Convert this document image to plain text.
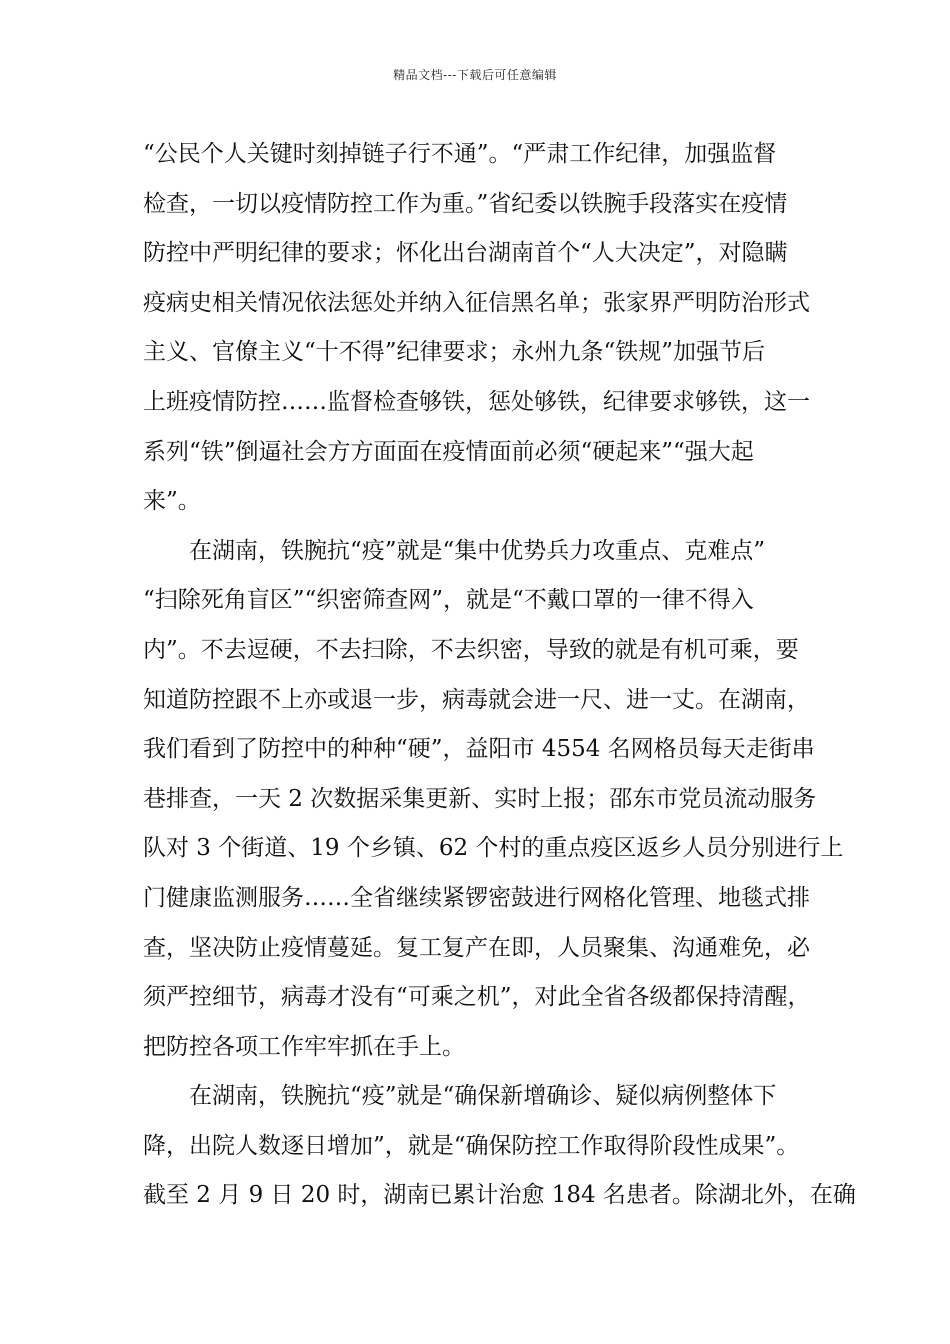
精品文档---下载后可任意编辑
“公民个人关键时刻掉链子行不通”。“严肃工作纪律，加强监督
检查，一切以疫情防控工作为重。”省纪委以铁腕手段落实在疫情
防控中严明纪律的要求；怀化出台湖南首个“人大决定”，对隐瞒
疫病史相关情况依法惩处并纳入征信黑名单；张家界严明防治形式
主义、官僚主义“十不得”纪律要求；永州九条“铁规”加强节后
上班疫情防控……监督检查够铁，惩处够铁，纪律要求够铁，这一
系列“铁”倒逼社会方方面面在疫情面前必须“硬起来”“强大起
来”。
在湖南，铁腕抗“疫”就是“集中优势兵力攻重点、克难点”
“扫除死角盲区”“织密筛查网”，就是“不戴口罩的一律不得入
内”。不去逗硬，不去扫除，不去织密，导致的就是有机可乘，要
知道防控跟不上亦或退一步，病毒就会进一尺、进一丈。在湖南，
我们看到了防控中的种种“硬”，益阳市 4554 名网格员每天走街串
巷排查，一天 2 次数据采集更新、实时上报；邵东市党员流动服务
队对 3 个街道、19 个乡镇、62 个村的重点疫区返乡人员分别进行上
门健康监测服务……全省继续紧锣密鼓进行网格化管理、地毯式排
查，坚决防止疫情蔓延。复工复产在即，人员聚集、沟通难免，必
须严控细节，病毒才没有“可乘之机”，对此全省各级都保持清醒，
把防控各项工作牢牢抓在手上。
在湖南，铁腕抗“疫”就是“确保新增确诊、疑似病例整体下
降，出院人数逐日增加”，就是“确保防控工作取得阶段性成果”。
截至 2 月 9 日 20 时，湖南已累计治愈 184 名患者。除湖北外，在确
